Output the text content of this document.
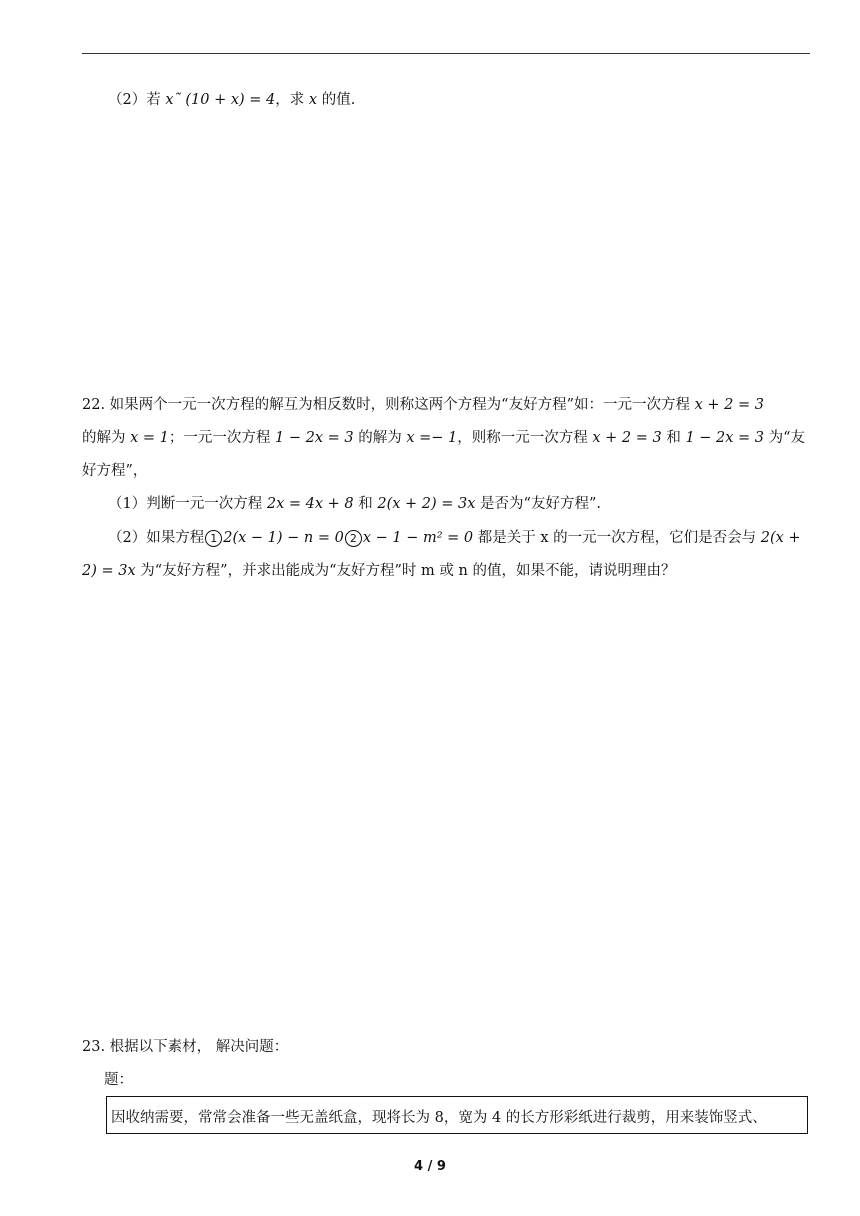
（2）若 x˜ (10 + x) = 4，求 x 的值.
22. 如果两个一元一次方程的解互为相反数时，则称这两个方程为“友好方程”如：一元一次方程 x + 2 = 3
的解为 x = 1；一元一次方程 1 − 2x = 3 的解为 x =− 1，则称一元一次方程 x + 2 = 3 和 1 − 2x = 3 为“友
好方程”，
（1）判断一元一次方程 2x = 4x + 8 和 2(x + 2) = 3x 是否为“友好方程”.
（2）如果方程 1 2(x − 1) − n = 0 2 x − 1 − m² = 0 都是关于 x 的一元一次方程，它们是否会与 2(x +
2) = 3x 为“友好方程”，并求出能成为“友好方程”时 m 或 n 的值，如果不能，请说明理由？
23. 根据以下素材， 解决问题：
题：
因收纳需要，常常会准备一些无盖纸盒，现将长为 8，宽为 4 的长方形彩纸进行裁剪，用来装饰竖式、
4 / 9
